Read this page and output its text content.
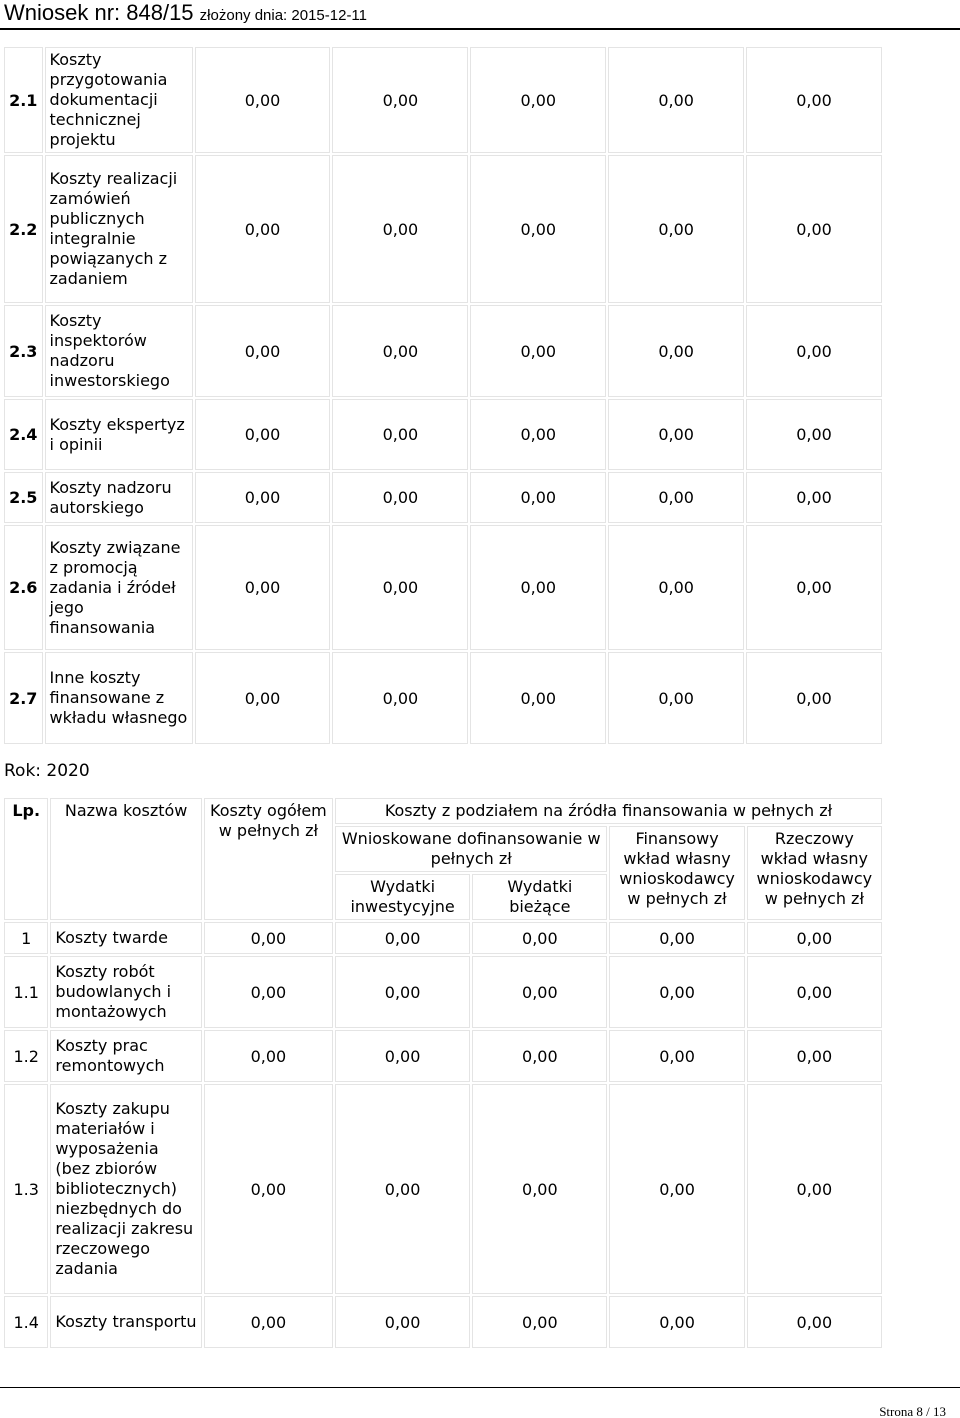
Wniosek nr: 848/15 złożony dnia: 2015-12-11
2.1	Koszty przygotowania dokumentacji technicznej projektu	0,00	0,00	0,00	0,00	0,00
2.2	Koszty realizacji zamówień publicznych integralnie powiązanych z zadaniem	0,00	0,00	0,00	0,00	0,00
2.3	Koszty inspektorów nadzoru inwestorskiego	0,00	0,00	0,00	0,00	0,00
2.4	Koszty ekspertyz i opinii	0,00	0,00	0,00	0,00	0,00
2.5	Koszty nadzoru autorskiego	0,00	0,00	0,00	0,00	0,00
2.6	Koszty związane z promocją zadania i źródeł jego finansowania	0,00	0,00	0,00	0,00	0,00
2.7	Inne koszty finansowane z wkładu własnego	0,00	0,00	0,00	0,00	0,00
Rok: 2020
Lp.	Nazwa kosztów	Koszty ogółem w pełnych zł	Koszty z podziałem na źródła finansowania w pełnych zł			
			Wnioskowane dofinansowanie w pełnych zł		Finansowy wkład własny wnioskodawcy w pełnych zł	Rzeczowy wkład własny wnioskodawcy w pełnych zł
			Wydatki inwestycyjne	Wydatki bieżące		
1	Koszty twarde	0,00	0,00	0,00	0,00	0,00
1.1	Koszty robót budowlanych i montażowych	0,00	0,00	0,00	0,00	0,00
1.2	Koszty prac remontowych	0,00	0,00	0,00	0,00	0,00
1.3	Koszty zakupu materiałów i wyposażenia (bez zbiorów bibliotecznych) niezbędnych do realizacji zakresu rzeczowego zadania	0,00	0,00	0,00	0,00	0,00
1.4	Koszty transportu	0,00	0,00	0,00	0,00	0,00
Strona 8 / 13
